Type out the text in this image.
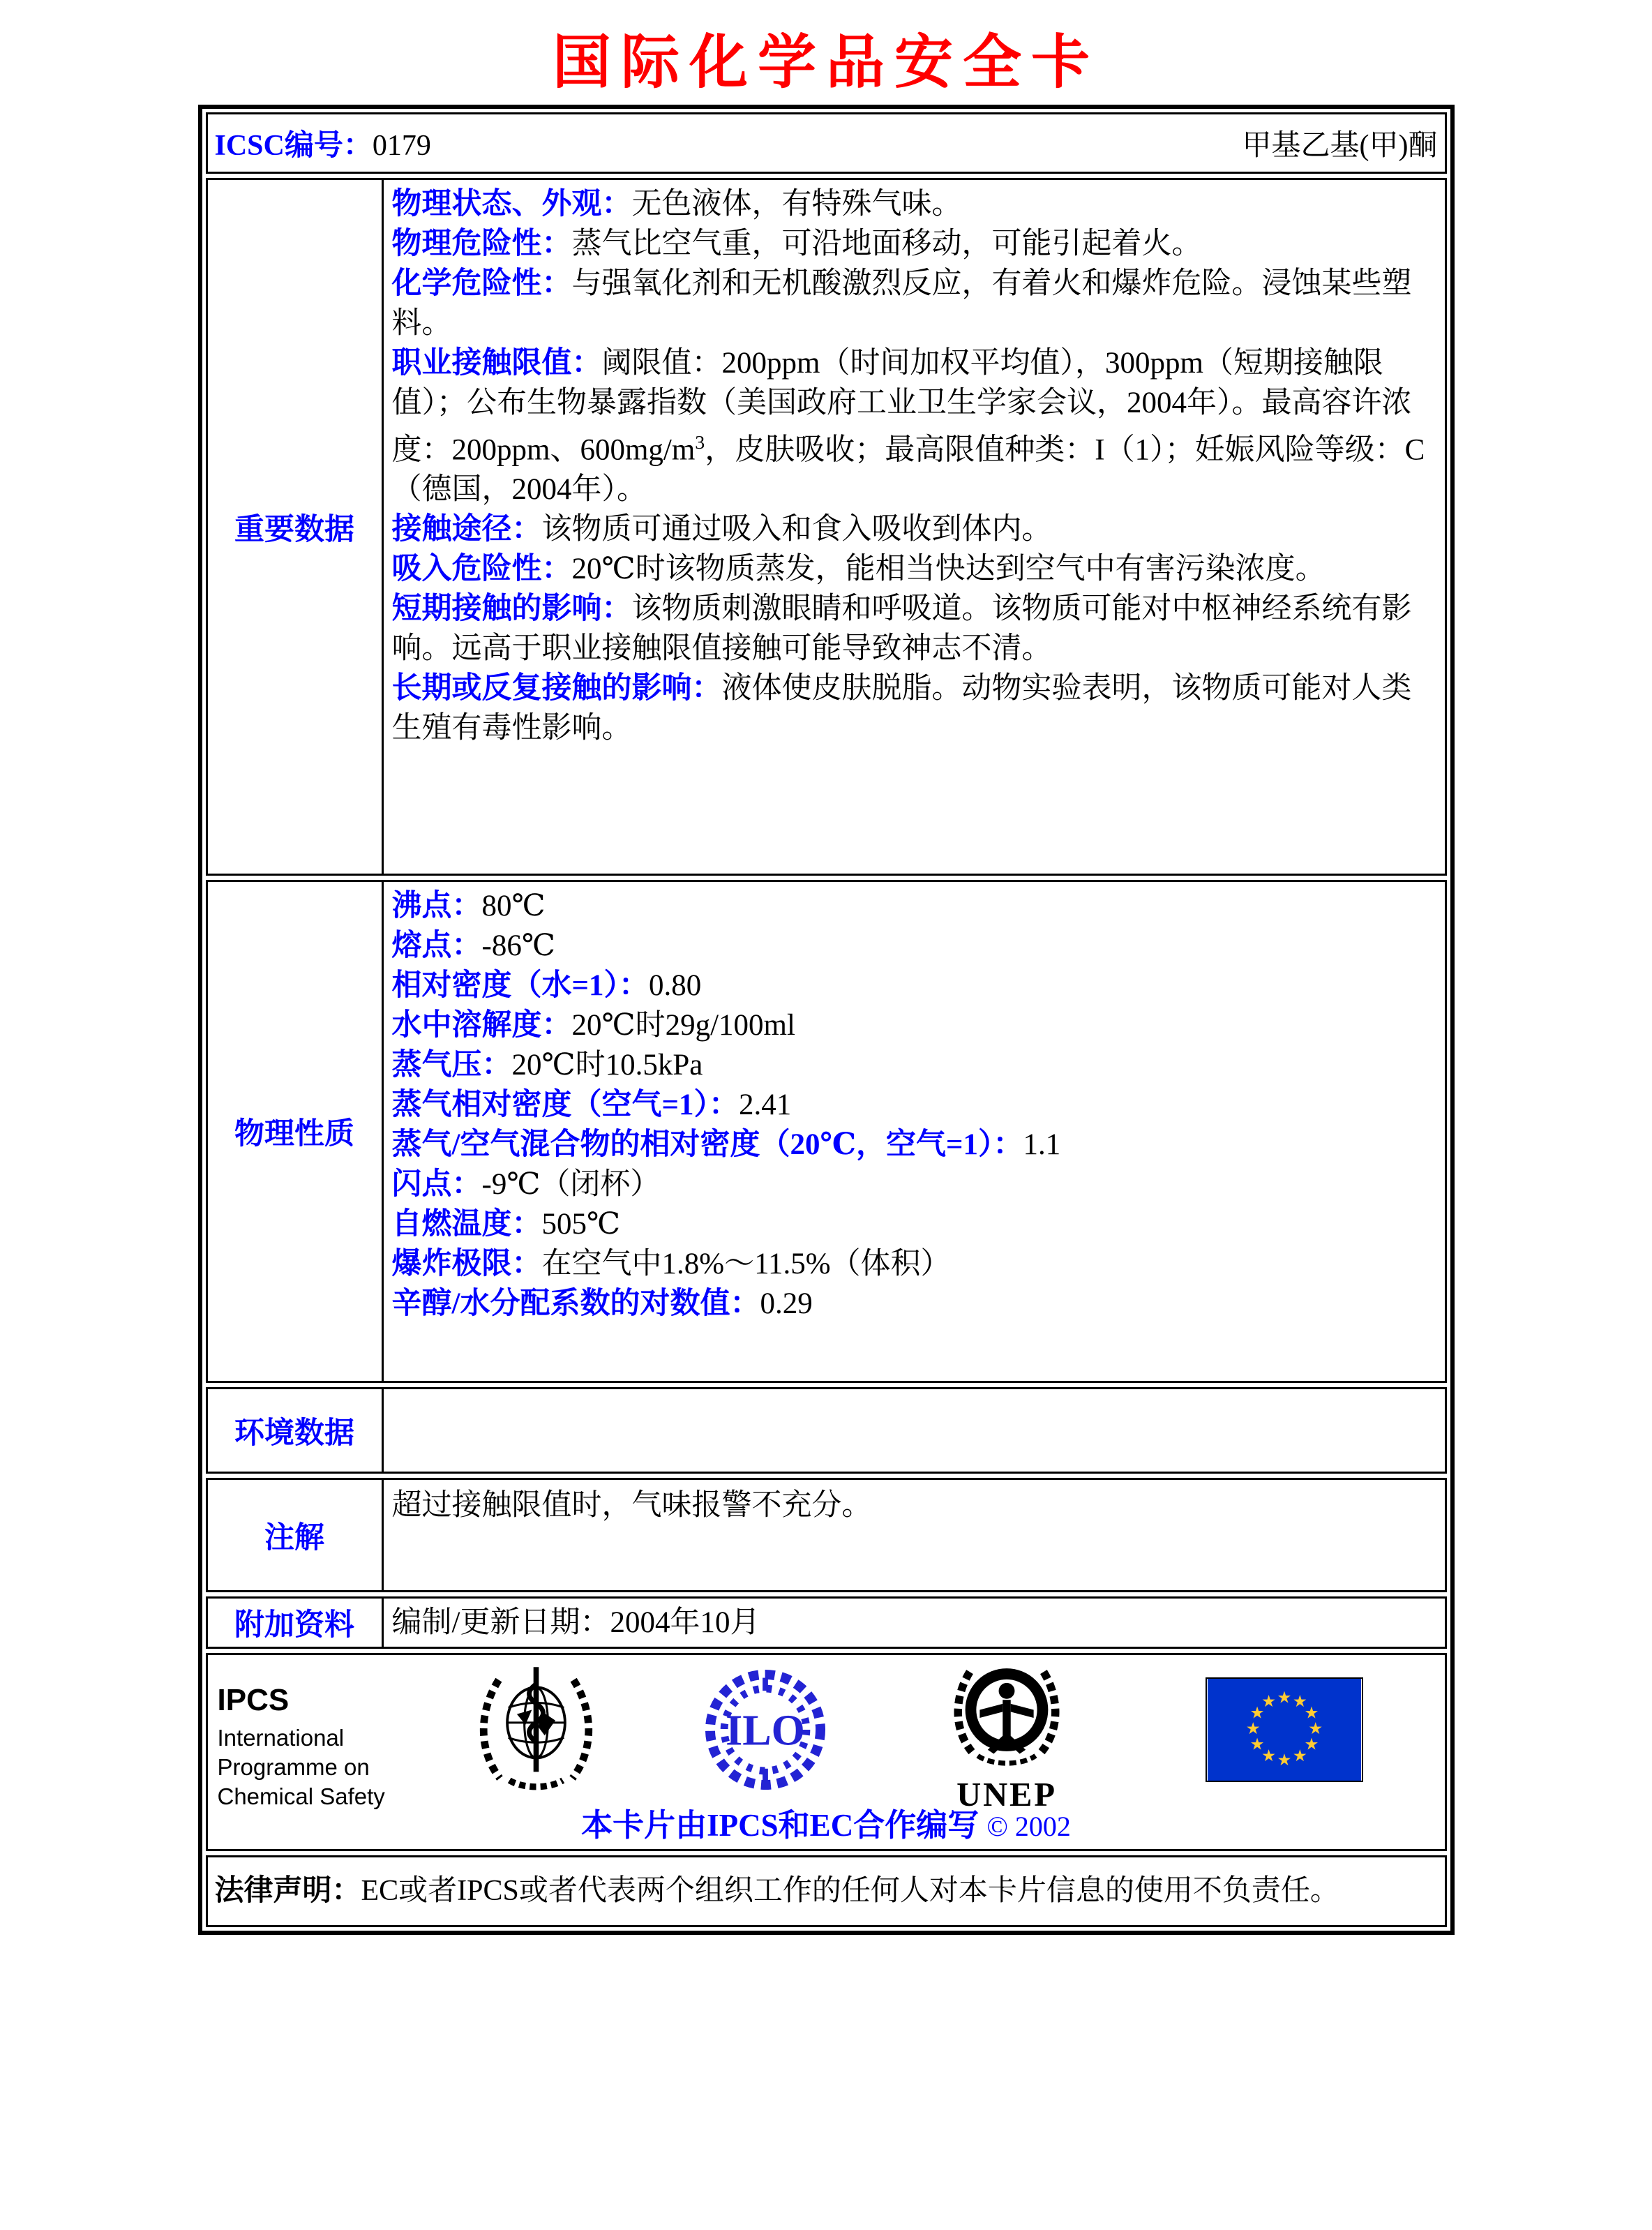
国际化学品安全卡
ICSC编号：0179	甲基乙基(甲)酮
重要数据

物理状态、外观：无色液体，有特殊气味。

物理危险性：蒸气比空气重，可沿地面移动，可能引起着火。

化学危险性：与强氧化剂和无机酸激烈反应，有着火和爆炸危险。浸蚀某些塑料。

职业接触限值：阈限值：200ppm（时间加权平均值），300ppm（短期接触限值）；公布生物暴露指数（美国政府工业卫生学家会议，2004年）。最高容许浓度：200ppm、$600mg/m^3$，皮肤吸收；最高限值种类：I（1）；妊娠风险等级：C（德国，2004年）。

接触途径：该物质可通过吸入和食入吸收到体内。

吸入危险性：20℃时该物质蒸发，能相当快达到空气中有害污染浓度。

短期接触的影响：该物质刺激眼睛和呼吸道。该物质可能对中枢神经系统有影响。远高于职业接触限值接触可能导致神志不清。

长期或反复接触的影响：液体使皮肤脱脂。动物实验表明，该物质可能对人类生殖有毒性影响。

物理性质

沸点：80℃

熔点：-86℃

相对密度（水=1）：0.80

水中溶解度：20℃时29g/100ml

蒸气压：20℃时10.5kPa

蒸气相对密度（空气=1）：2.41

蒸气/空气混合物的相对密度（20℃，空气=1）：1.1

闪点：-9℃（闭杯）

自燃温度：505℃

爆炸极限：在空气中1.8%～11.5%（体积）

辛醇/水分配系数的对数值：0.29

环境数据
注解
超过接触限值时，气味报警不充分。
附加资料	编制/更新日期：2004年10月
IPCS
International
Programme on
Chemical Safety
ILO
UNEP
★ ★
★
★
★
★
★
★
★
★
★
★
本卡片由IPCS和EC合作编写 © 2002
法律声明：EC或者IPCS或者代表两个组织工作的任何人对本卡片信息的使用不负责任。
